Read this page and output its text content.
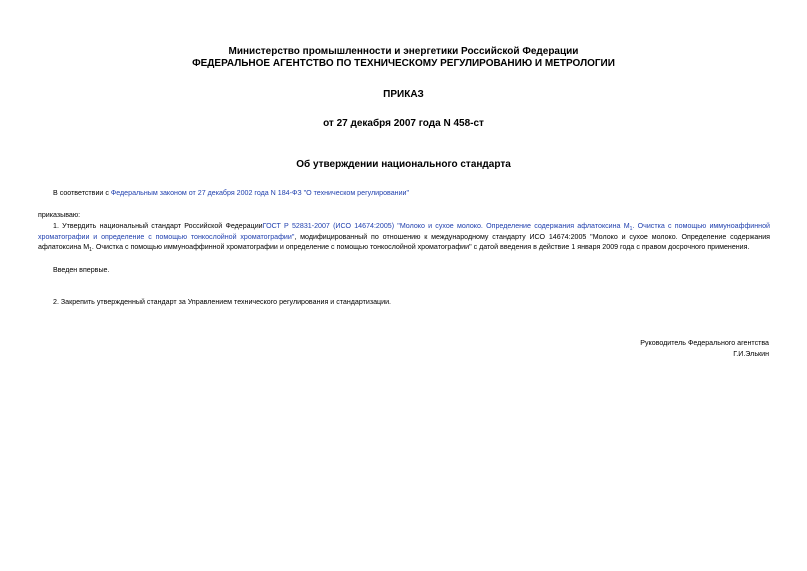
Министерство промышленности и энергетики Российской Федерации
ФЕДЕРАЛЬНОЕ АГЕНТСТВО ПО ТЕХНИЧЕСКОМУ РЕГУЛИРОВАНИЮ И МЕТРОЛОГИИ
ПРИКАЗ
от 27 декабря 2007 года N 458-ст
Об утверждении национального стандарта
В соответствии с Федеральным законом от 27 декабря 2002 года N 184-ФЗ "О техническом регулировании"
приказываю:
1. Утвердить национальный стандарт Российской ФедерацииГОСТ Р 52831-2007 (ИСО 14674:2005) "Молоко и сухое молоко. Определение содержания афлатоксина $M_1$. Очистка с помощью иммуноаффинной хроматографии и определение с помощью тонкослойной хроматографии", модифицированный по отношению к международному стандарту ИСО 14674:2005 "Молоко и сухое молоко. Определение содержания афлатоксина $M_1$. Очистка с помощью иммуноаффинной хроматографии и определение с помощью тонкослойной хроматографии" с датой введения в действие 1 января 2009 года с правом досрочного применения.
Введен впервые.
2. Закрепить утвержденный стандарт за Управлением технического регулирования и стандартизации.
Руководитель Федерального агентства
Г.И.Элькин
